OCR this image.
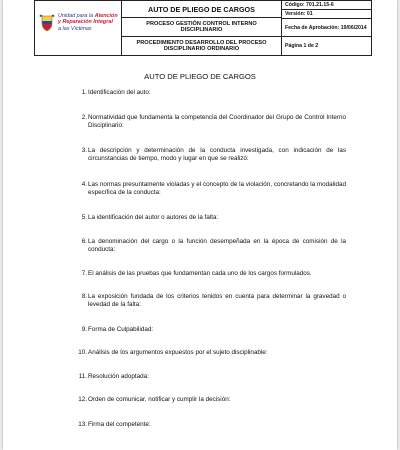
Unidad para la Atención
y Reparación Integral
a las Víctimas
AUTO DE PLIEGO DE CARGOS
PROCESO GESTIÓN CONTROL INTERNO DISCIPLINARIO
PROCEDIMIENTO DESARROLLO DEL PROCESO DISCIPLINARIO ORDINARIO
Código: 701.21.15-6
Versión: 01
Fecha de Aprobación: 19/06/2014
Página 1 de 2
AUTO DE PLIEGO DE CARGOS
1. Identificación del auto:
2. Normatividad que fundamenta la competencia del Coordinador del Grupo de Control Interno Disciplinario:
3. La descripción y determinación de la conducta investigada, con indicación de las circunstancias de tiempo, modo y lugar en que se realizó:
4. Las normas presuntamente violadas y el concepto de la violación, concretando la modalidad específica de la conducta:
5. La identificación del autor o autores de la falta:
6. La denominación del cargo o la función desempeñada en la época de comisión de la conducta:
7. El análisis de las pruebas que fundamentan cada uno de los cargos formulados.
8. La exposición fundada de los criterios tenidos en cuenta para determinar la gravedad o levedad de la falta:
9. Forma de Culpabilidad:
10. Análisis de los argumentos expuestos por el sujeto disciplinable:
11. Resolución adoptada:
12. Orden de comunicar, notificar y cumplir la decisión:
13. Firma del competente:
